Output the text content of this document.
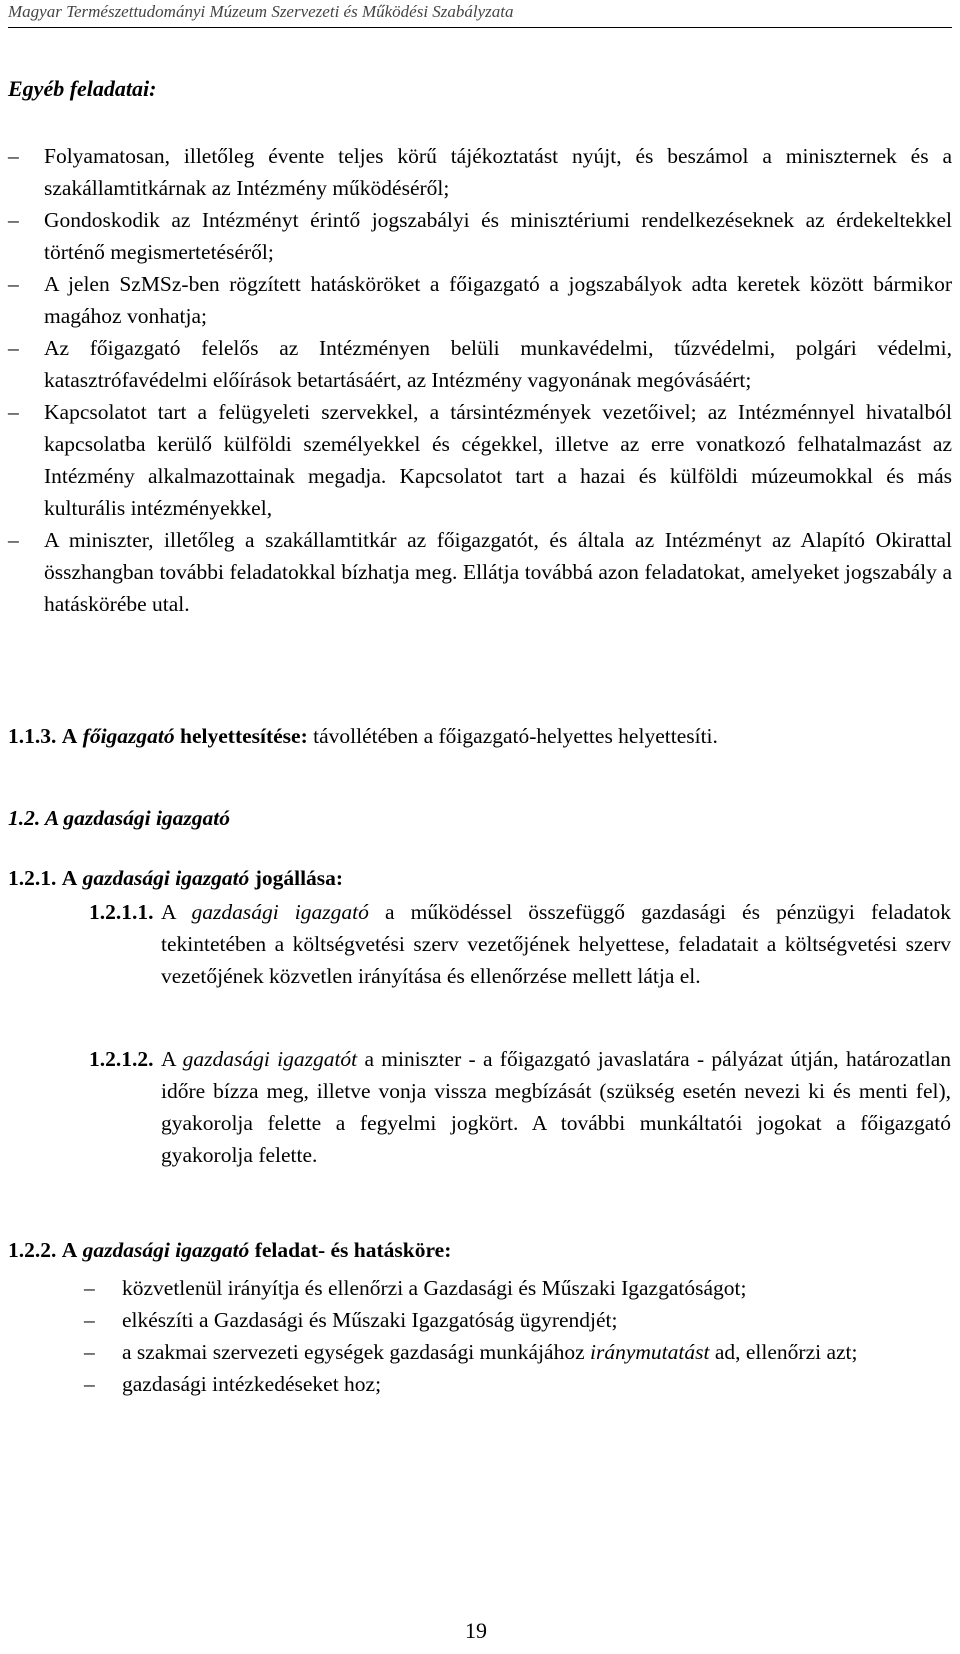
Magyar Természettudományi Múzeum Szervezeti és Működési Szabályzata
Egyéb feladatai:
– Folyamatosan, illetőleg évente teljes körű tájékoztatást nyújt, és beszámol a miniszternek és a szakállamtitkárnak az Intézmény működéséről;
– Gondoskodik az Intézményt érintő jogszabályi és minisztériumi rendelkezéseknek az érdekeltekkel történő megismertetéséről;
– A jelen SzMSz-ben rögzített hatásköröket a főigazgató a jogszabályok adta keretek között bármikor magához vonhatja;
– Az főigazgató felelős az Intézményen belüli munkavédelmi, tűzvédelmi, polgári védelmi, katasztrófavédelmi előírások betartásáért, az Intézmény vagyonának megóvásáért;
– Kapcsolatot tart a felügyeleti szervekkel, a társintézmények vezetőivel; az Intézménnyel hivatalból kapcsolatba kerülő külföldi személyekkel és cégekkel, illetve az erre vonatkozó felhatalmazást az Intézmény alkalmazottainak megadja. Kapcsolatot tart a hazai és külföldi múzeumokkal és más kulturális intézményekkel,
– A miniszter, illetőleg a szakállamtitkár az főigazgatót, és általa az Intézményt az Alapító Okirattal összhangban további feladatokkal bízhatja meg. Ellátja továbbá azon feladatokat, amelyeket jogszabály a hatáskörébe utal.
1.1.3. A főigazgató helyettesítése: távollétében a főigazgató-helyettes helyettesíti.
1.2. A gazdasági igazgató
1.2.1. A gazdasági igazgató jogállása:
1.2.1.1. A gazdasági igazgató a működéssel összefüggő gazdasági és pénzügyi feladatok tekintetében a költségvetési szerv vezetőjének helyettese, feladatait a költségvetési szerv vezetőjének közvetlen irányítása és ellenőrzése mellett látja el.
1.2.1.2. A gazdasági igazgatót a miniszter - a főigazgató javaslatára - pályázat útján, határozatlan időre bízza meg, illetve vonja vissza megbízását (szükség esetén nevezi ki és menti fel), gyakorolja felette a fegyelmi jogkört. A további munkáltatói jogokat a főigazgató gyakorolja felette.
1.2.2. A gazdasági igazgató feladat- és hatásköre:
– közvetlenül irányítja és ellenőrzi a Gazdasági és Műszaki Igazgatóságot;
– elkészíti a Gazdasági és Műszaki Igazgatóság ügyrendjét;
– a szakmai szervezeti egységek gazdasági munkájához iránymutatást ad, ellenőrzi azt;
– gazdasági intézkedéseket hoz;
19
